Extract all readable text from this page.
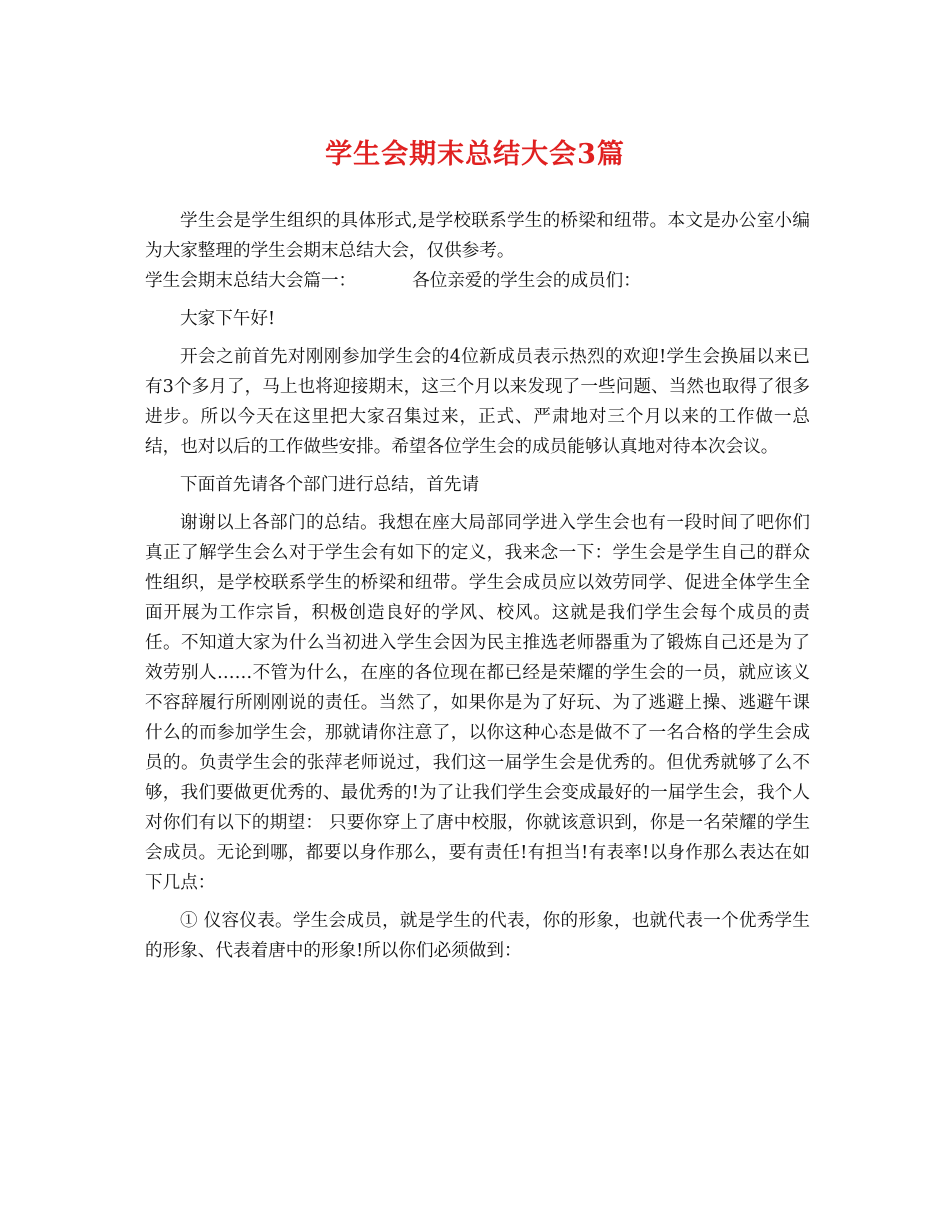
学生会期末总结大会3篇

学生会是学生组织的具体形式,是学校联系学生的桥梁和纽带。本文是办公室小编为大家整理的学生会期末总结大会，仅供参考。

学生会期末总结大会篇一：	各位亲爱的学生会的成员们：

大家下午好!

开会之前首先对刚刚参加学生会的4位新成员表示热烈的欢迎!学生会换届以来已有3个多月了，马上也将迎接期末，这三个月以来发现了一些问题、当然也取得了很多进步。所以今天在这里把大家召集过来，正式、严肃地对三个月以来的工作做一总结，也对以后的工作做些安排。希望各位学生会的成员能够认真地对待本次会议。

下面首先请各个部门进行总结，首先请

谢谢以上各部门的总结。我想在座大局部同学进入学生会也有一段时间了吧你们真正了解学生会么对于学生会有如下的定义，我来念一下：学生会是学生自己的群众性组织，是学校联系学生的桥梁和纽带。学生会成员应以效劳同学、促进全体学生全面开展为工作宗旨，积极创造良好的学风、校风。这就是我们学生会每个成员的责任。不知道大家为什么当初进入学生会因为民主推选老师器重为了锻炼自己还是为了效劳别人……不管为什么，在座的各位现在都已经是荣耀的学生会的一员，就应该义不容辞履行所刚刚说的责任。当然了，如果你是为了好玩、为了逃避上操、逃避午课什么的而参加学生会，那就请你注意了，以你这种心态是做不了一名合格的学生会成员的。负责学生会的张萍老师说过，我们这一届学生会是优秀的。但优秀就够了么不够，我们要做更优秀的、最优秀的!为了让我们学生会变成最好的一届学生会，我个人对你们有以下的期望： 只要你穿上了唐中校服，你就该意识到，你是一名荣耀的学生会成员。无论到哪，都要以身作那么，要有责任!有担当!有表率!以身作那么表达在如下几点：

① 仪容仪表。学生会成员，就是学生的代表，你的形象，也就代表一个优秀学生的形象、代表着唐中的形象!所以你们必须做到：
